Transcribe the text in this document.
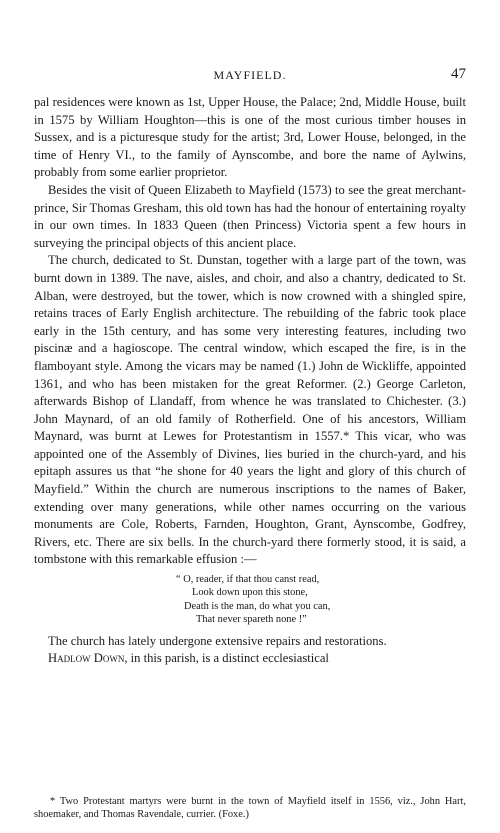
MAYFIELD.	47

pal residences were known as 1st, Upper House, the Palace; 2nd, Middle House, built in 1575 by William Houghton—this is one of the most curious timber houses in Sussex, and is a picturesque study for the artist; 3rd, Lower House, belonged, in the time of Henry VI., to the family of Aynscombe, and bore the name of Aylwins, probably from some earlier proprietor.

Besides the visit of Queen Elizabeth to Mayfield (1573) to see the great merchant-prince, Sir Thomas Gresham, this old town has had the honour of entertaining royalty in our own times. In 1833 Queen (then Princess) Victoria spent a few hours in surveying the principal objects of this ancient place.

The church, dedicated to St. Dunstan, together with a large part of the town, was burnt down in 1389. The nave, aisles, and choir, and also a chantry, dedicated to St. Alban, were destroyed, but the tower, which is now crowned with a shingled spire, retains traces of Early English architecture. The rebuilding of the fabric took place early in the 15th century, and has some very interesting features, including two piscinæ and a hagioscope. The central window, which escaped the fire, is in the flamboyant style. Among the vicars may be named (1.) John de Wickliffe, appointed 1361, and who has been mistaken for the great Reformer. (2.) George Carleton, afterwards Bishop of Llandaff, from whence he was translated to Chichester. (3.) John Maynard, of an old family of Rotherfield. One of his ancestors, William Maynard, was burnt at Lewes for Protestantism in 1557.* This vicar, who was appointed one of the Assembly of Divines, lies buried in the church-yard, and his epitaph assures us that “he shone for 40 years the light and glory of this church of Mayfield.” Within the church are numerous inscriptions to the names of Baker, extending over many generations, while other names occurring on the various monuments are Cole, Roberts, Farnden, Houghton, Grant, Aynscombe, Godfrey, Rivers, etc. There are six bells. In the church-yard there formerly stood, it is said, a tombstone with this remarkable effusion :—

“ O, reader, if that thou canst read,
Look down upon this stone,
Death is the man, do what you can,
That never spareth none !”

The church has lately undergone extensive repairs and restorations.

Hadlow Down, in this parish, is a distinct ecclesiastical

* Two Protestant martyrs were burnt in the town of Mayfield itself in 1556, viz., John Hart, shoemaker, and Thomas Ravendale, currier. (Foxe.)
